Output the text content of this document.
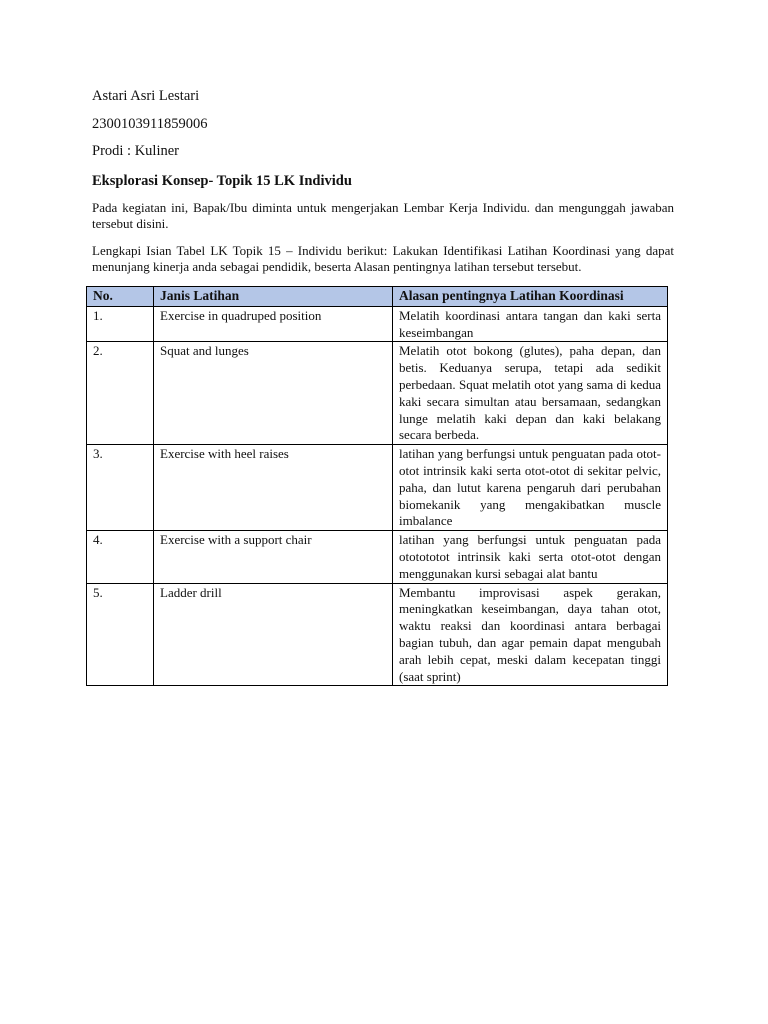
Astari Asri Lestari
2300103911859006
Prodi : Kuliner
Eksplorasi Konsep- Topik 15 LK Individu
Pada kegiatan ini, Bapak/Ibu diminta untuk mengerjakan Lembar Kerja Individu. dan mengunggah jawaban tersebut disini.
Lengkapi Isian Tabel LK Topik 15 – Individu berikut: Lakukan Identifikasi Latihan Koordinasi yang dapat menunjang kinerja anda sebagai pendidik, beserta Alasan pentingnya latihan tersebut tersebut.
No.	Janis Latihan	Alasan pentingnya Latihan Koordinasi
1.	Exercise in quadruped position	Melatih koordinasi antara tangan dan kaki serta keseimbangan
2.	Squat and lunges	Melatih otot bokong (glutes), paha depan, dan betis. Keduanya serupa, tetapi ada sedikit perbedaan. Squat melatih otot yang sama di kedua kaki secara simultan atau bersamaan, sedangkan lunge melatih kaki depan dan kaki belakang secara berbeda.
3.	Exercise with heel raises	latihan yang berfungsi untuk penguatan pada otot-otot intrinsik kaki serta otot-otot di sekitar pelvic, paha, dan lutut karena pengaruh dari perubahan biomekanik yang mengakibatkan muscle imbalance
4.	Exercise with a support chair	latihan yang berfungsi untuk penguatan pada ototototot intrinsik kaki serta otot-otot dengan menggunakan kursi sebagai alat bantu
5.	Ladder drill	Membantu improvisasi aspek gerakan, meningkatkan keseimbangan, daya tahan otot, waktu reaksi dan koordinasi antara berbagai bagian tubuh, dan agar pemain dapat mengubah arah lebih cepat, meski dalam kecepatan tinggi (saat sprint)
